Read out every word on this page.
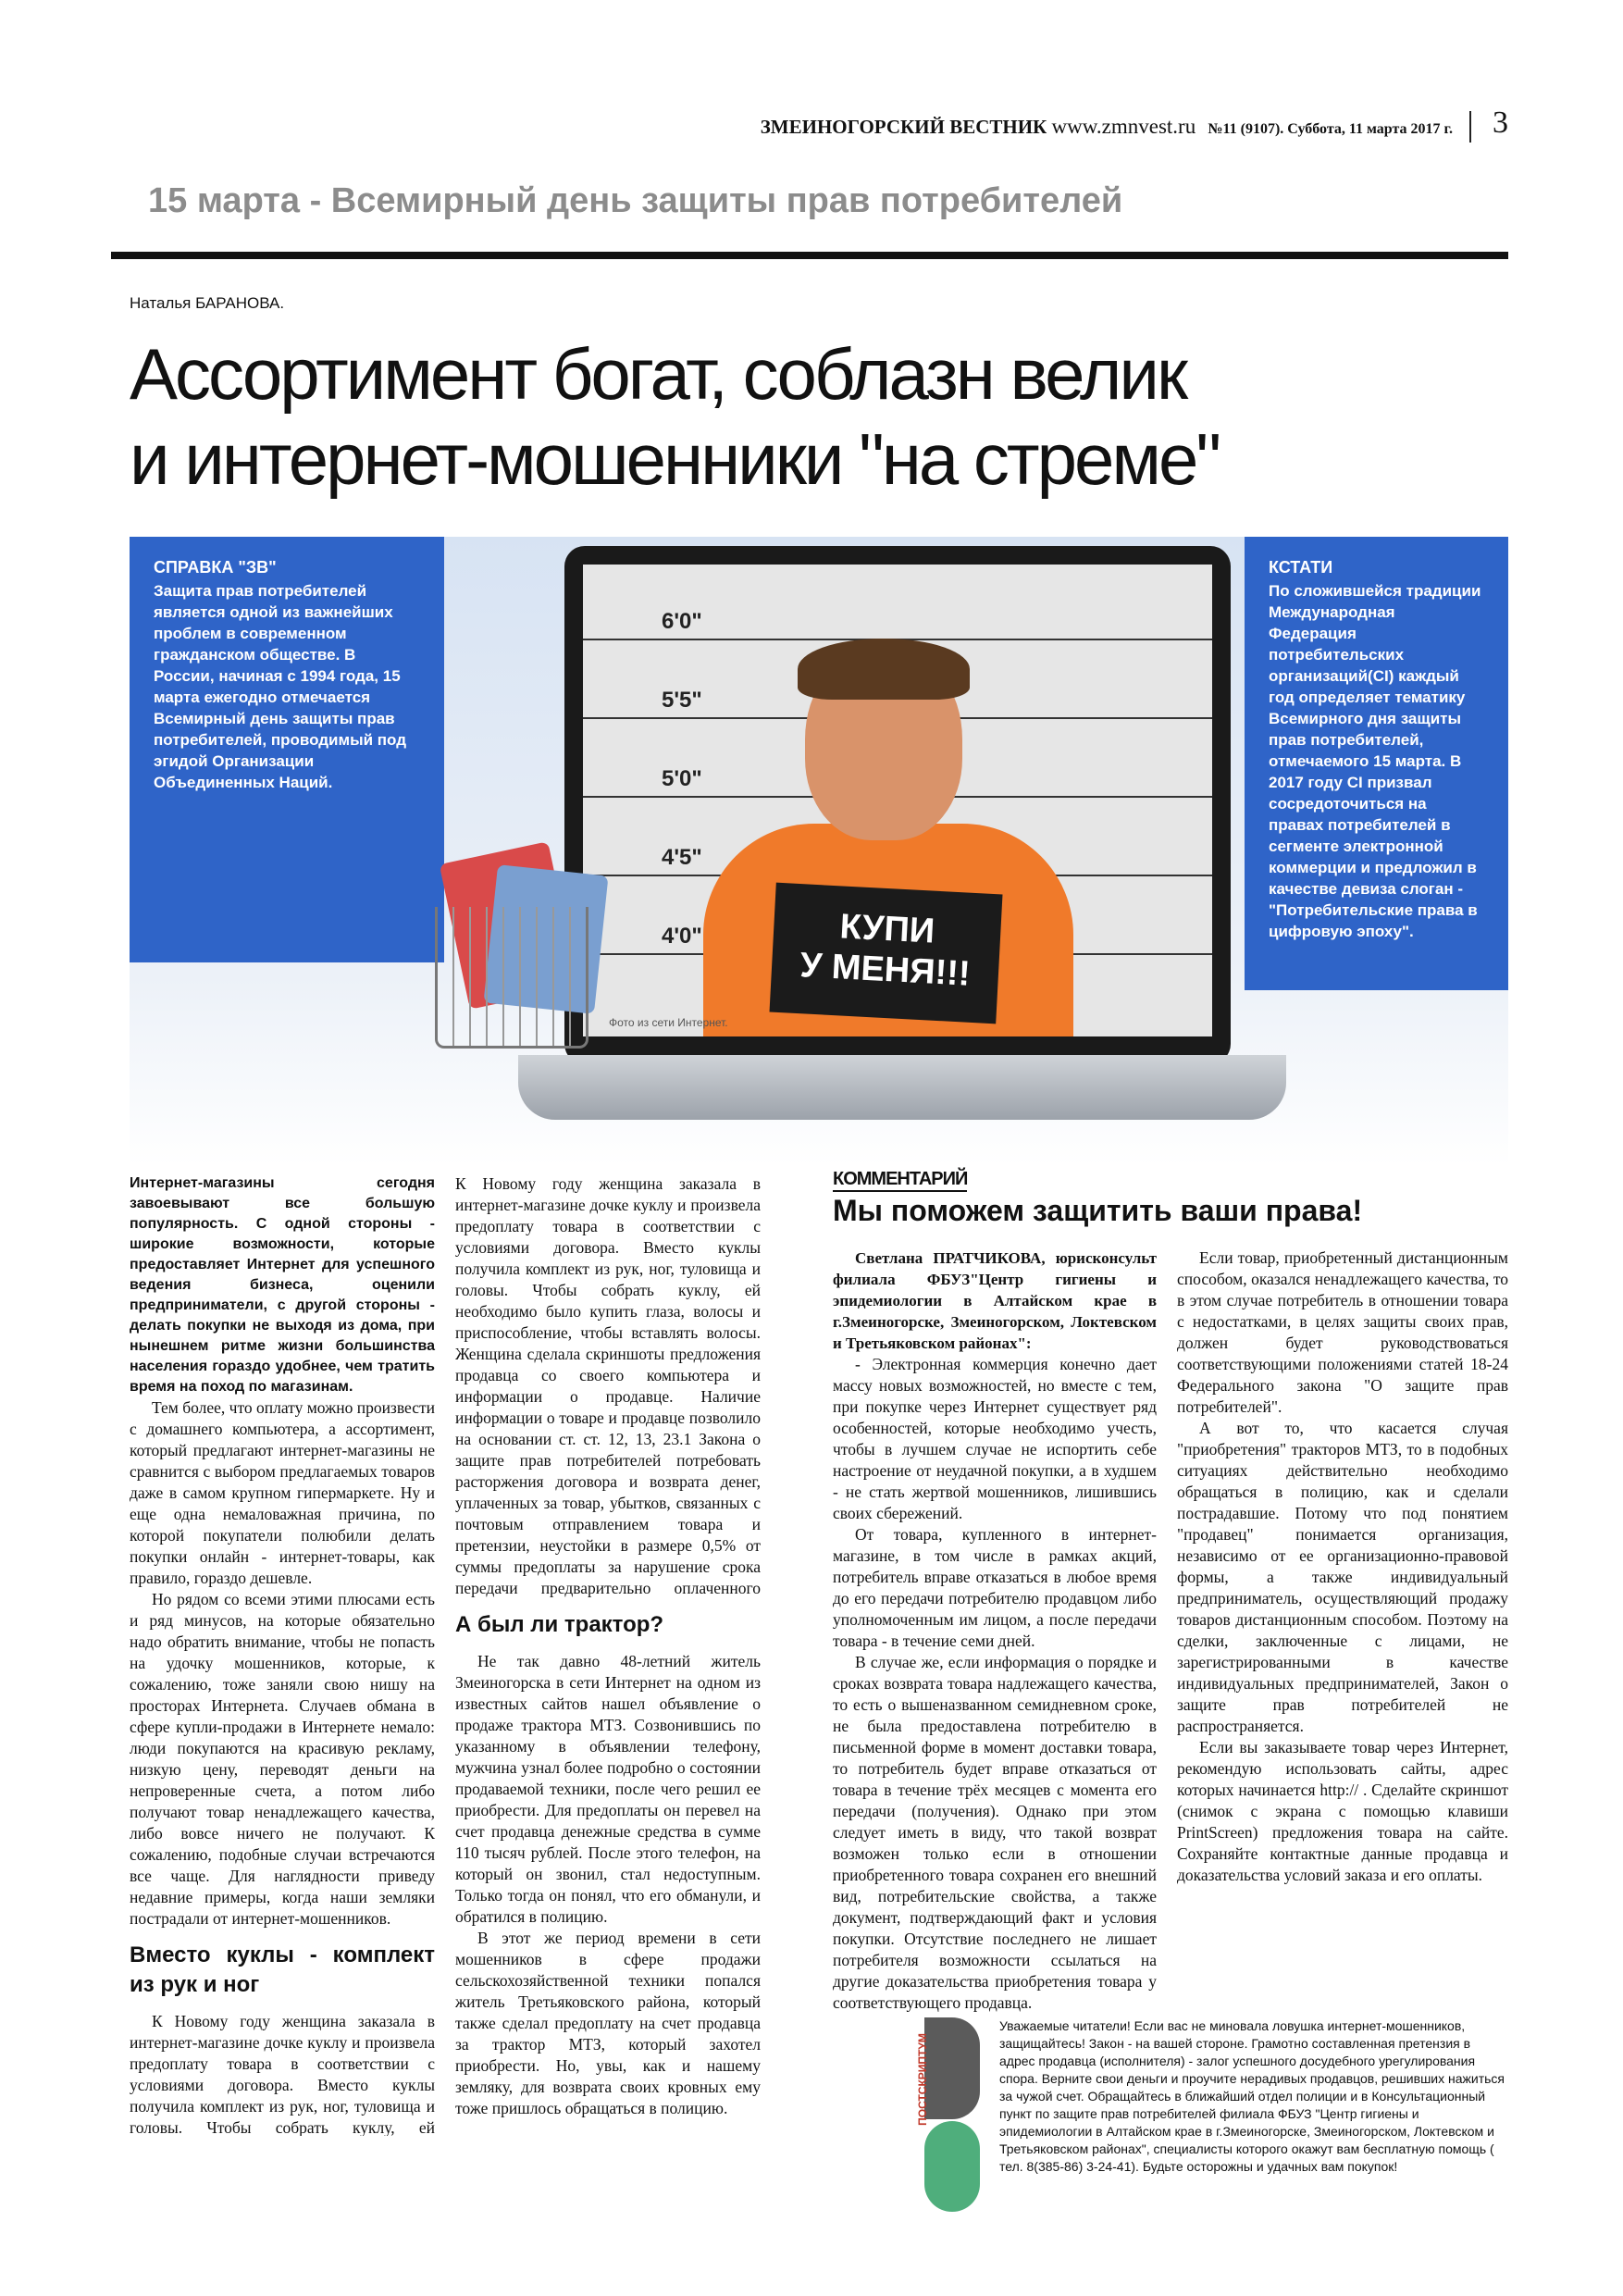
ЗМЕИНОГОРСКИЙ ВЕСТНИК www.zmnvest.ru №11 (9107). Суббота, 11 марта 2017 г. 3
15 марта - Всемирный день защиты прав потребителей
Наталья БАРАНОВА.
Ассортимент богат, соблазн велик
и интернет-мошенники "на стреме"
СПРАВКА "ЗВ"
Защита прав потребителей является одной из важнейших проблем в современном гражданском обществе. В России, начиная с 1994 года, 15 марта ежегодно отмечается Всемирный день защиты прав потребителей, проводимый под эгидой Организации Объединенных Наций.
КСТАТИ
По сложившейся традиции Международная Федерация потребительских организаций(CI) каждый год определяет тематику Всемирного дня защиты прав потребителей, отмечаемого 15 марта. В 2017 году CI призвал сосредоточиться на правах потребителей в сегменте электронной коммерции и предложил в качестве девиза слоган - "Потребительские права в цифровую эпоху".
6'0"
5'5"
5'0"
4'5"
4'0"	КУПИ
У МЕНЯ!!!
Фото из сети Интернет.
КОММЕНТАРИЙ
Мы поможем защитить ваши права!

Интернет-магазины сегодня завоевывают все большую популярность. С одной стороны - широкие возможности, которые предоставляет Интернет для успешного ведения бизнеса, оценили предприниматели, с другой стороны - делать покупки не выходя из дома, при нынешнем ритме жизни большинства населения гораздо удобнее, чем тратить время на поход по магазинам.

Тем более, что оплату можно произвести с домашнего компьютера, а ассортимент, который предлагают интернет-магазины не сравнится с выбором предлагаемых товаров даже в самом крупном гипермаркете. Ну и еще одна немаловажная причина, по которой покупатели полюбили делать покупки онлайн - интернет-товары, как правило, гораздо дешевле.

Но рядом со всеми этими плюсами есть и ряд минусов, на которые обязательно надо обратить внимание, чтобы не попасть на удочку мошенников, которые, к сожалению, тоже заняли свою нишу на просторах Интернета. Случаев обмана в сфере купли-продажи в Интернете немало: люди покупаются на красивую рекламу, низкую цену, переводят деньги на непроверенные счета, а потом либо получают товар ненадлежащего качества, либо вовсе ничего не получают. К сожалению, подобные случаи встречаются все чаще. Для наглядности приведу недавние примеры, когда наши земляки пострадали от интернет-мошенников.

Вместо куклы - комплект из рук и ног

К Новому году женщина заказала в интернет-магазине дочке куклу и произвела предоплату товара в соответствии с условиями договора. Вместо куклы получила комплект из рук, ног, туловища и головы. Чтобы собрать куклу, ей

К Новому году женщина заказала в интернет-магазине дочке куклу и произвела предоплату товара в соответствии с условиями договора. Вместо куклы получила комплект из рук, ног, туловища и головы. Чтобы собрать куклу, ей необходимо было купить глаза, волосы и приспособление, чтобы вставлять волосы. Женщина сделала скриншоты предложения продавца со своего компьютера и информации о продавце. Наличие информации о товаре и продавце позволило на основании ст. ст. 12, 13, 23.1 Закона о защите прав потребителей потребовать расторжения договора и возврата денег, уплаченных за товар, убытков, связанных с почтовым отправлением товара и претензии, неустойки в размере 0,5% от суммы предоплаты за нарушение срока передачи предварительно оплаченного
А был ли трактор?

Не так давно 48-летний житель Змеиногорска в сети Интернет на одном из известных сайтов нашел объявление о продаже трактора МТЗ. Созвонившись по указанному в объявлении телефону, мужчина узнал более подробно о состоянии продаваемой техники, после чего решил ее приобрести. Для предоплаты он перевел на счет продавца денежные средства в сумме 110 тысяч рублей. После этого телефон, на который он звонил, стал недоступным. Только тогда он понял, что его обманули, и обратился в полицию.

В этот же период времени в сети мошенников в сфере продажи сельскохозяйственной техники попался житель Третьяковского района, который также сделал предоплату на счет продавца за трактор МТЗ, который захотел приобрести. Но, увы, как и нашему земляку, для возврата своих кровных ему тоже пришлось обращаться в полицию.

Светлана ПРАТЧИКОВА, юрисконсульт филиала ФБУЗ"Центр гигиены и эпидемиологии в Алтайском крае в г.Змеиногорске, Змеиногорском, Локтевском и Третьяковском районах":

- Электронная коммерция конечно дает массу новых возможностей, но вместе с тем, при покупке через Интернет существует ряд особенностей, которые необходимо учесть, чтобы в лучшем случае не испортить себе настроение от неудачной покупки, а в худшем - не стать жертвой мошенников, лишившись своих сбережений.

От товара, купленного в интернет-магазине, в том числе в рамках акций, потребитель вправе отказаться в любое время до его передачи потребителю продавцом либо уполномоченным им лицом, а после передачи товара - в течение семи дней.

В случае же, если информация о порядке и сроках возврата товара надлежащего качества, то есть о вышеназванном семидневном сроке, не была предоставлена потребителю в письменной форме в момент доставки товара, то потребитель будет вправе отказаться от товара в течение трёх месяцев с момента его передачи (получения). Однако при этом следует иметь в виду, что такой возврат возможен только если в отношении приобретенного товара сохранен его внешний вид, потребительские свойства, а также документ, подтверждающий факт и условия покупки. Отсутствие последнего не лишает потребителя возможности ссылаться на другие доказательства приобретения товара у соответствующего продавца.

Если товар, приобретенный дистанционным способом, оказался ненадлежащего качества, то в этом случае потребитель в отношении товара с недостатками, в целях защиты своих прав, должен будет руководствоваться соответствующими положениями статей 18-24 Федерального закона "О защите прав потребителей".

А вот то, что касается случая "приобретения" тракторов МТЗ, то в подобных ситуациях действительно необходимо обращаться в полицию, как и сделали пострадавшие. Потому что под понятием "продавец" понимается организация, независимо от ее организационно-правовой формы, а также индивидуальный предприниматель, осуществляющий продажу товаров дистанционным способом. Поэтому на сделки, заключенные с лицами, не зарегистрированными в качестве индивидуальных предпринимателей, Закон о защите прав потребителей не распространяется.

Если вы заказываете товар через Интернет, рекомендую использовать сайты, адрес которых начинается http:// . Сделайте скриншот (снимок с экрана с помощью клавиши PrintScreen) предложения товара на сайте. Сохраняйте контактные данные продавца и доказательства условий заказа и его оплаты.

ПОСТСКРИПТУМ
Уважаемые читатели! Если вас не миновала ловушка интернет-мошенников, защищайтесь! Закон - на вашей стороне. Грамотно составленная претензия в адрес продавца (исполнителя) - залог успешного досудебного урегулирования спора. Верните свои деньги и проучите нерадивых продавцов, решивших нажиться за чужой счет. Обращайтесь в ближайший отдел полиции и в Консультационный пункт по защите прав потребителей филиала ФБУЗ "Центр гигиены и эпидемиологии в Алтайском крае в г.Змеиногорске, Змеиногорском, Локтевском и Третьяковском районах", специалисты которого окажут вам бесплатную помощь ( тел. 8(385-86) 3-24-41). Будьте осторожны и удачных вам покупок!
